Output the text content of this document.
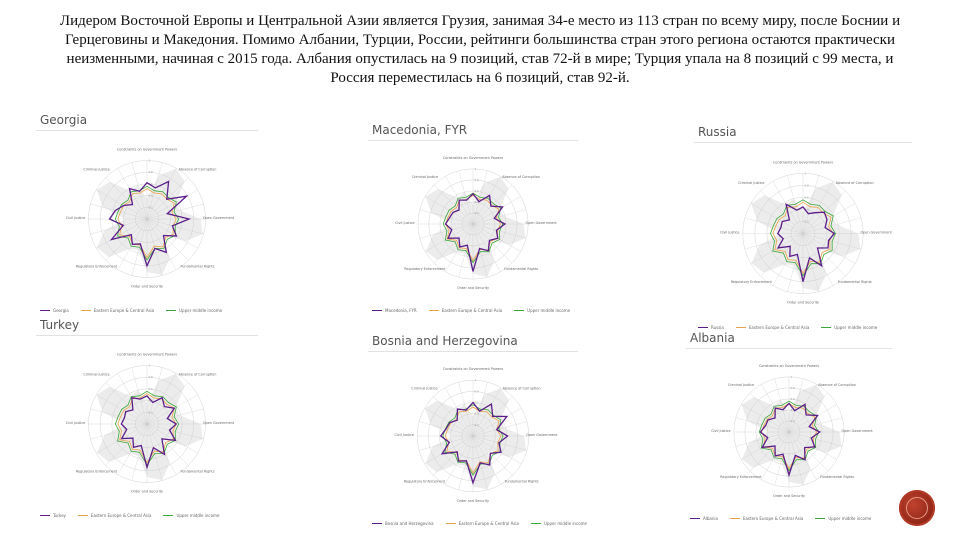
Лидером Восточной Европы и Центральной Азии является Грузия, занимая 34-е место из 113 стран по всему миру, после Боснии и Герцеговины и Македония. Помимо Албании, Турции, России, рейтинги большинства стран этого региона остаются практически неизменными, начиная с 2015 года. Албания опустилась на 9 позиций, став 72-й в мире; Турция упала на 8 позиций с 99 места, и Россия переместилась на 6 позиций, став 92-й.

Georgia
0.2
0.4
0.6
0.8
1
Constraints on Government Powers
Absence of Corruption
Open Government
Fundamental Rights
Order and Security
Regulatory Enforcement
Civil Justice
Criminal Justice
Georgia	Eastern Europe & Central Asia	Upper middle income
Macedonia, FYR
0.2
0.4
0.6
0.8
1
Constraints on Government Powers
Absence of Corruption
Open Government
Fundamental Rights
Order and Security
Regulatory Enforcement
Civil Justice
Criminal Justice
Macedonia, FYR	Eastern Europe & Central Asia	Upper middle income
Russia
0.2
0.4
0.6
0.8
1
Constraints on Government Powers
Absence of Corruption
Open Government
Fundamental Rights
Order and Security
Regulatory Enforcement
Civil Justice
Criminal Justice
Russia	Eastern Europe & Central Asia	Upper middle income
Turkey
0.2
0.4
0.6
0.8
1
Constraints on Government Powers
Absence of Corruption
Open Government
Fundamental Rights
Order and Security
Regulatory Enforcement
Civil Justice
Criminal Justice
Turkey	Eastern Europe & Central Asia	Upper middle income
Bosnia and Herzegovina
0.2
0.4
0.6
0.8
1
Constraints on Government Powers
Absence of Corruption
Open Government
Fundamental Rights
Order and Security
Regulatory Enforcement
Civil Justice
Criminal Justice
Bosnia and Herzegovina	Eastern Europe & Central Asia	Upper middle income
Albania
0.2
0.4
0.6
0.8
1
Constraints on Government Powers
Absence of Corruption
Open Government
Fundamental Rights
Order and Security
Regulatory Enforcement
Civil Justice
Criminal Justice
Albania	Eastern Europe & Central Asia	Upper middle income
